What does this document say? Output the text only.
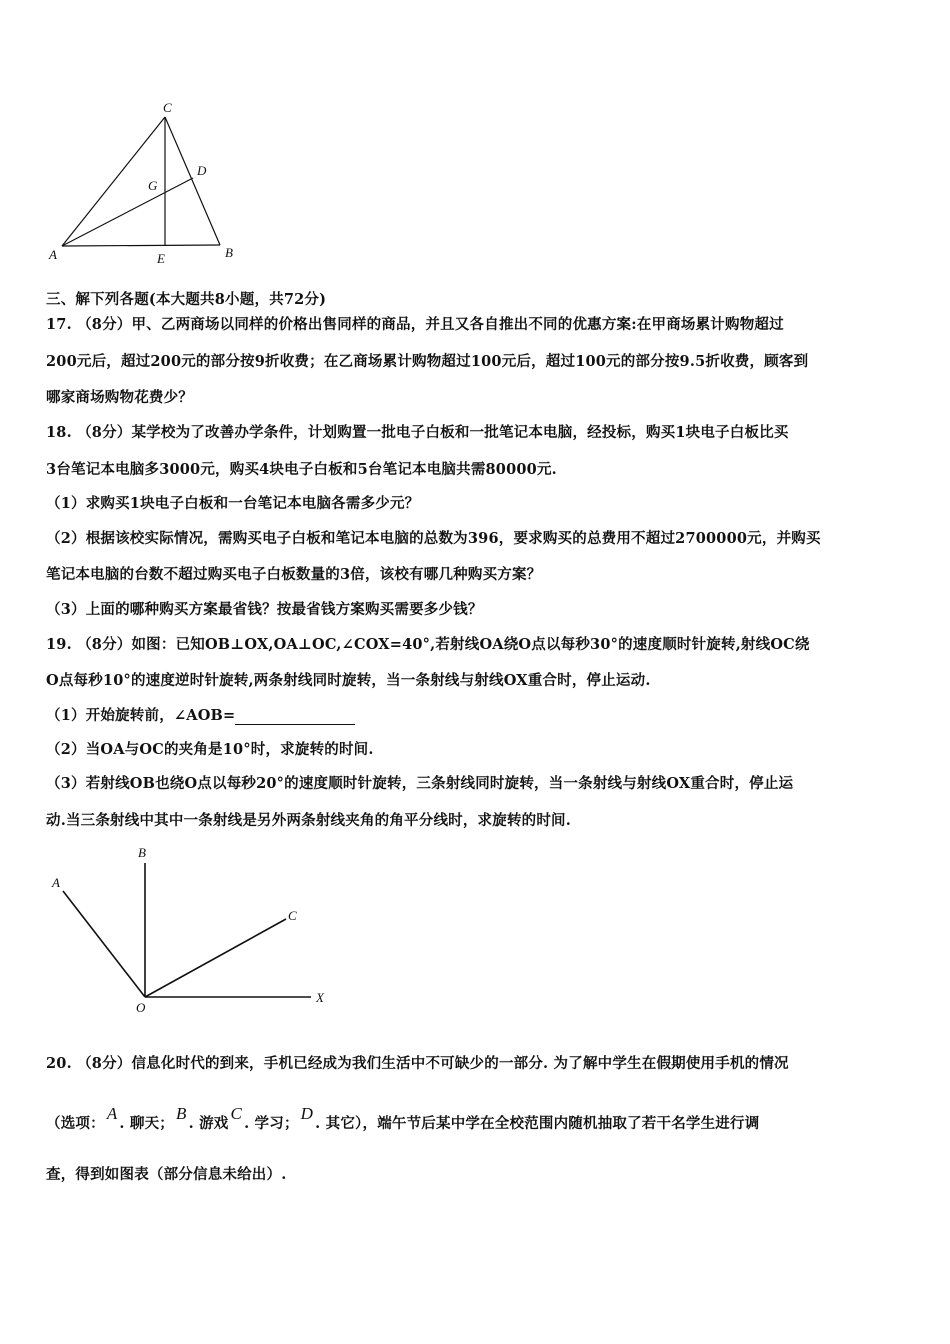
C
D
G
A	E	B
三、解下列各题(本大题共8小题，共72分)
17. （8分）甲、乙两商场以同样的价格出售同样的商品，并且又各自推出不同的优惠方案:在甲商场累计购物超过
200元后，超过200元的部分按9折收费；在乙商场累计购物超过100元后，超过100元的部分按9.5折收费，顾客到
哪家商场购物花费少？
18. （8分）某学校为了改善办学条件，计划购置一批电子白板和一批笔记本电脑，经投标，购买1块电子白板比买
3台笔记本电脑多3000元，购买4块电子白板和5台笔记本电脑共需80000元.
（1）求购买1块电子白板和一台笔记本电脑各需多少元？
（2）根据该校实际情况，需购买电子白板和笔记本电脑的总数为396，要求购买的总费用不超过2700000元，并购买
笔记本电脑的台数不超过购买电子白板数量的3倍，该校有哪几种购买方案？
（3）上面的哪种购买方案最省钱？按最省钱方案购买需要多少钱？
19. （8分）如图：已知OB⊥OX,OA⊥OC,∠COX=40°,若射线OA绕O点以每秒30°的速度顺时针旋转,射线OC绕
O点每秒10°的速度逆时针旋转,两条射线同时旋转，当一条射线与射线OX重合时，停止运动.
（1）开始旋转前，∠AOB=
（2）当OA与OC的夹角是10°时，求旋转的时间.
（3）若射线OB也绕O点以每秒20°的速度顺时针旋转，三条射线同时旋转，当一条射线与射线OX重合时，停止运
动.当三条射线中其中一条射线是另外两条射线夹角的角平分线时，求旋转的时间.
A
B
C
O
X
20. （8分）信息化时代的到来，手机已经成为我们生活中不可缺少的一部分. 为了解中学生在假期使用手机的情况
（选项：A. 聊天；B. 游戏C. 学习；D. 其它），端午节后某中学在全校范围内随机抽取了若干名学生进行调
查，得到如图表（部分信息未给出）.
